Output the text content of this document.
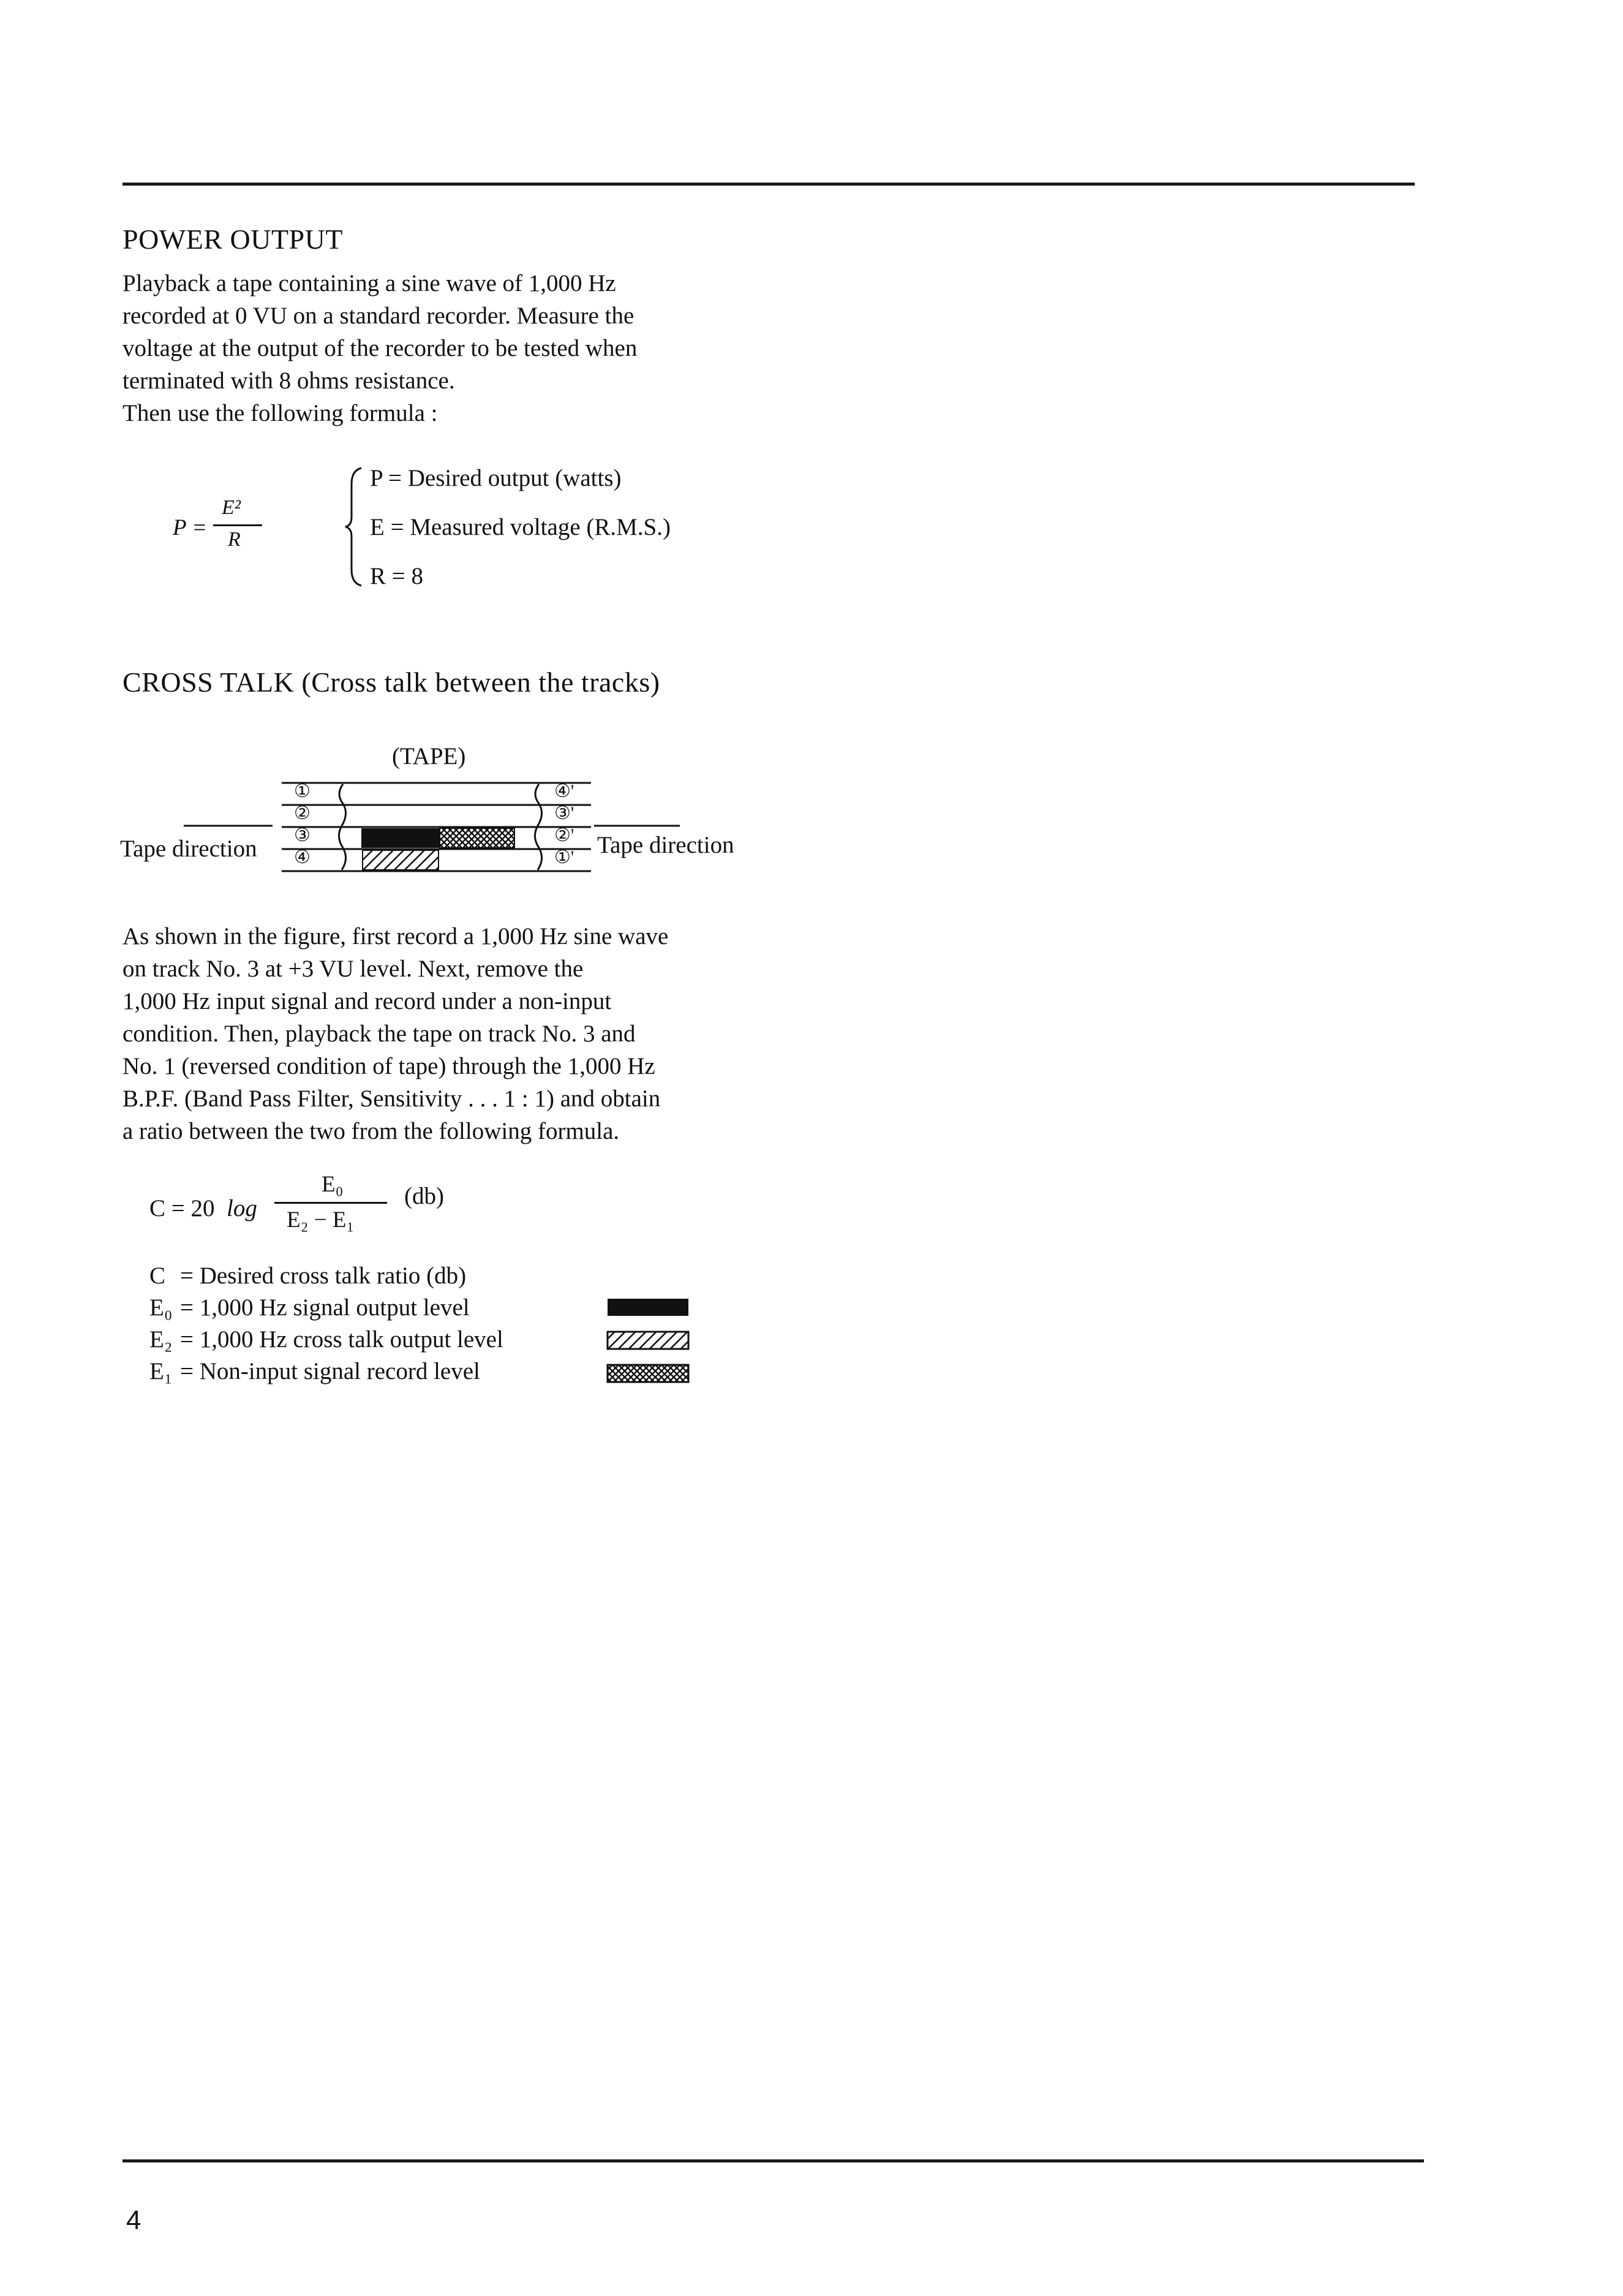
POWER OUTPUT
Playback a tape containing a sine wave of 1,000 Hz
recorded at 0 VU on a standard recorder. Measure the
voltage at the output of the recorder to be tested when
terminated with 8 ohms resistance.
Then use the following formula :
P =
E²
R
P = Desired output (watts)
E = Measured voltage (R.M.S.)
R = 8
CROSS TALK (Cross talk between the tracks)
(TAPE)
Tape direction	Tape direction
①
②
③
④
④'
③'
②'
①'
As shown in the figure, first record a 1,000 Hz sine wave
on track No. 3 at +3 VU level. Next, remove the
1,000 Hz input signal and record under a non-input
condition. Then, playback the tape on track No. 3 and
No. 1 (reversed condition of tape) through the 1,000 Hz
B.P.F. (Band Pass Filter, Sensitivity . . . 1 : 1) and obtain
a ratio between the two from the following formula.
C = 20 log
E₀
E₂ − E₁
(db)
C = Desired cross talk ratio (db)
E₀ = 1,000 Hz signal output level
E₂ = 1,000 Hz cross talk output level
E₁ = Non-input signal record level
4
